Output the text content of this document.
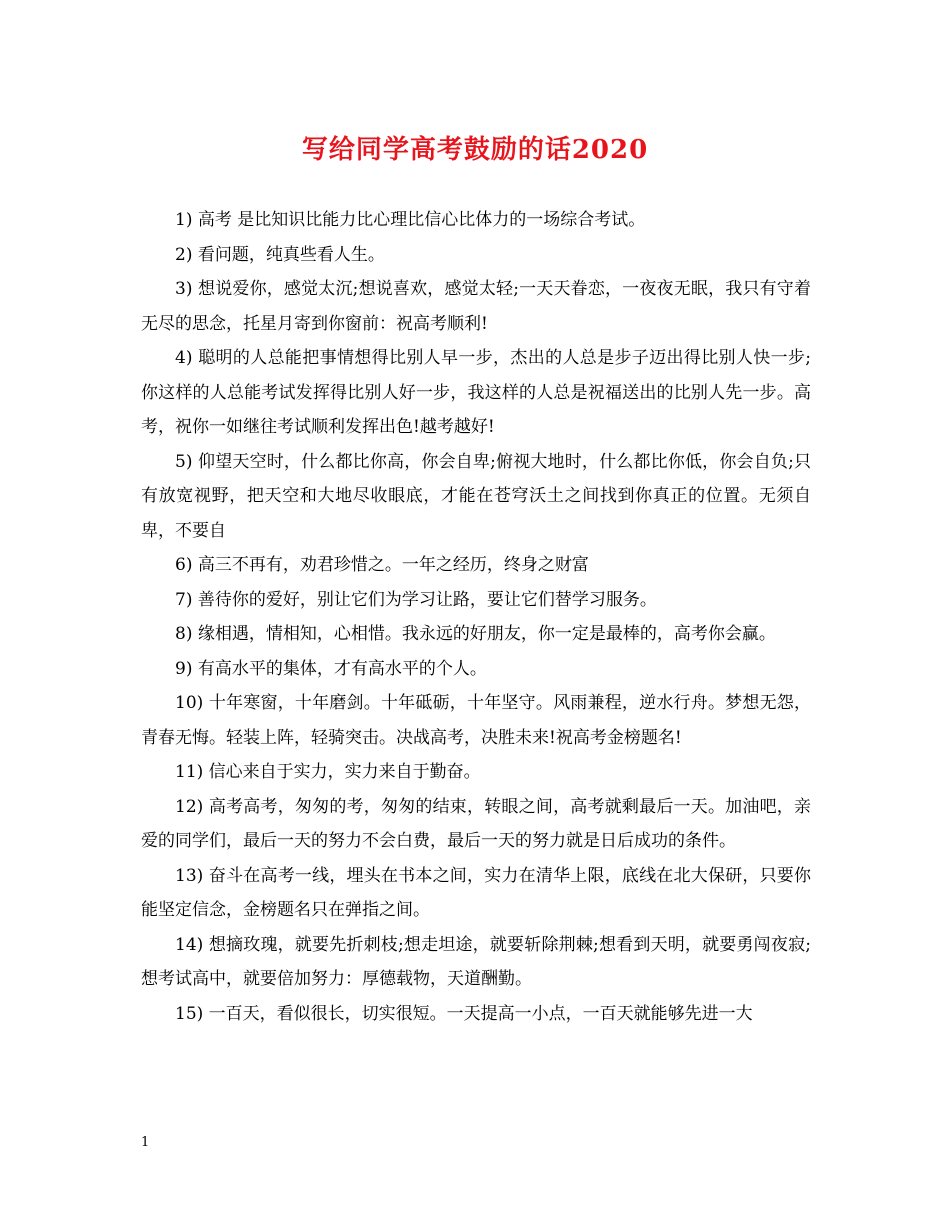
写给同学高考鼓励的话2020

1) 高考 是比知识比能力比心理比信心比体力的一场综合考试。

2) 看问题，纯真些看人生。

3) 想说爱你，感觉太沉;想说喜欢，感觉太轻;一天天眷恋，一夜夜无眠，我只有守着无尽的思念，托星月寄到你窗前：祝高考顺利!

4) 聪明的人总能把事情想得比别人早一步，杰出的人总是步子迈出得比别人快一步;你这样的人总能考试发挥得比别人好一步，我这样的人总是祝福送出的比别人先一步。高考，祝你一如继往考试顺利发挥出色!越考越好!

5) 仰望天空时，什么都比你高，你会自卑;俯视大地时，什么都比你低，你会自负;只有放宽视野，把天空和大地尽收眼底，才能在苍穹沃土之间找到你真正的位置。无须自卑，不要自

6) 高三不再有，劝君珍惜之。一年之经历，终身之财富

7) 善待你的爱好，别让它们为学习让路，要让它们替学习服务。

8) 缘相遇，情相知，心相惜。我永远的好朋友，你一定是最棒的，高考你会赢。

9) 有高水平的集体，才有高水平的个人。

10) 十年寒窗，十年磨剑。十年砥砺，十年坚守。风雨兼程，逆水行舟。梦想无怨，青春无悔。轻装上阵，轻骑突击。决战高考，决胜未来!祝高考金榜题名!

11) 信心来自于实力，实力来自于勤奋。

12) 高考高考，匆匆的考，匆匆的结束，转眼之间，高考就剩最后一天。加油吧，亲爱的同学们，最后一天的努力不会白费，最后一天的努力就是日后成功的条件。

13) 奋斗在高考一线，埋头在书本之间，实力在清华上限，底线在北大保研，只要你能坚定信念，金榜题名只在弹指之间。

14) 想摘玫瑰，就要先折刺枝;想走坦途，就要斩除荆棘;想看到天明，就要勇闯夜寂;想考试高中，就要倍加努力：厚德载物，天道酬勤。

15) 一百天，看似很长，切实很短。一天提高一小点，一百天就能够先进一大

1
